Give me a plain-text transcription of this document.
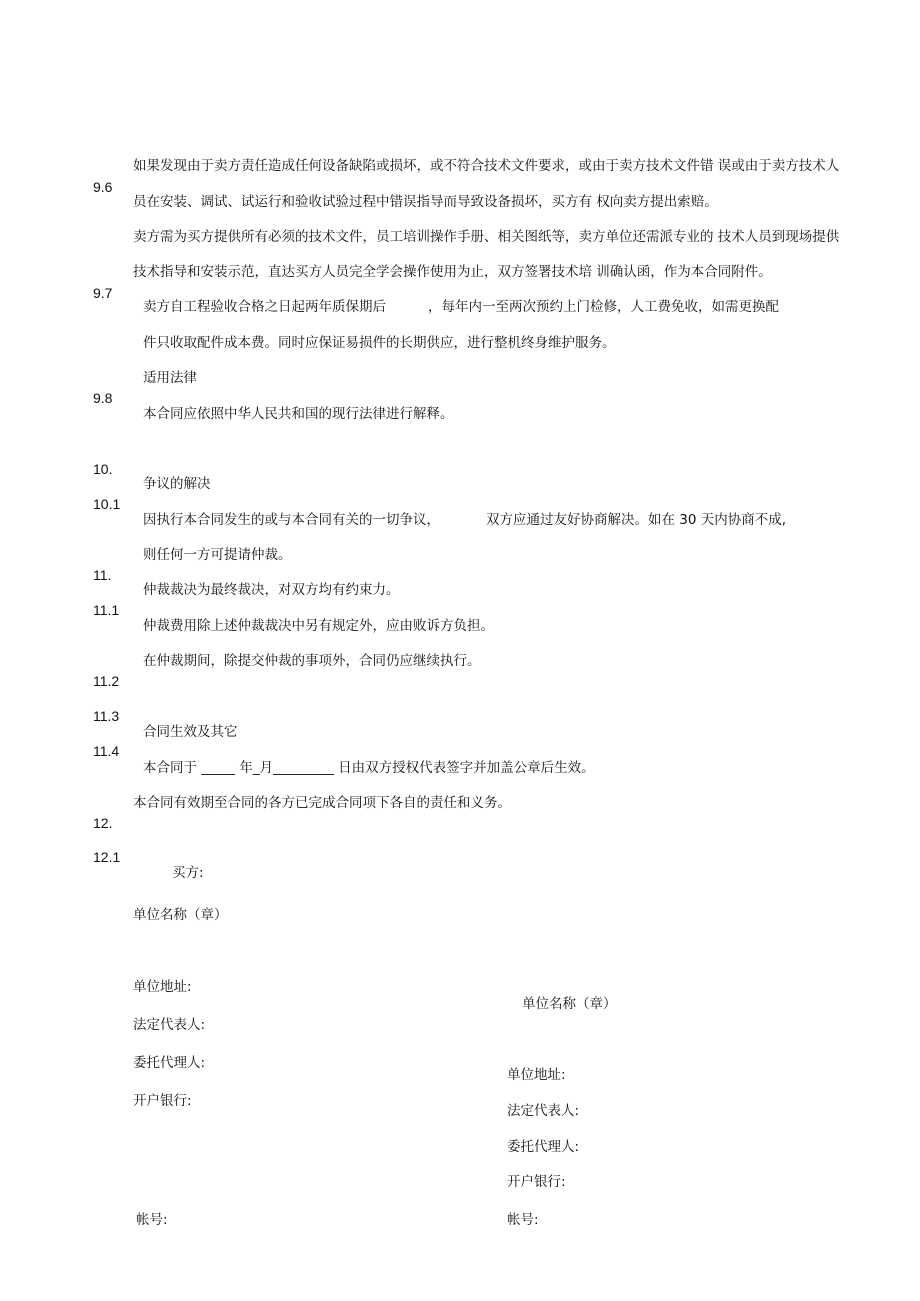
9.6
9.7
9.8
10.
10.1
11.
11.1
11.2
11.3
11.4
12.
12.1
如果发现由于卖方责任造成任何设备缺陷或损坏，或不符合技术文件要求，或由于卖方技术文件错 误或由于卖方技术人
员在安装、调试、试运行和验收试验过程中错误指导而导致设备损坏，买方有 权向卖方提出索赔。
卖方需为买方提供所有必须的技术文件，员工培训操作手册、相关图纸等，卖方单位还需派专业的 技术人员到现场提供
技术指导和安装示范，直达买方人员完全学会操作使用为止，双方签署技术培 训确认函，作为本合同附件。
卖方自工程验收合格之日起两年质保期后	，每年内一至两次预约上门检修，人工费免收，如需更换配
件只收取配件成本费。同时应保证易损件的长期供应，进行整机终身维护服务。
适用法律
本合同应依照中华人民共和国的现行法律进行解释。
争议的解决
因执行本合同发生的或与本合同有关的一切争议，	双方应通过友好协商解决。如在 30 天内协商不成,
则任何一方可提请仲裁。
仲裁裁决为最终裁决，对双方均有约束力。
仲裁费用除上述仲裁裁决中另有规定外，应由败诉方负担。
在仲裁期间，除提交仲裁的事项外，合同仍应继续执行。
合同生效及其它
本合同于 _____ 年_月_________ 日由双方授权代表签字并加盖公章后生效。
本合同有效期至合同的各方已完成合同项下各自的责任和义务。
买方:
单位名称（章）
单位地址:
法定代表人:
委托代理人:
开户银行:
帐号:
单位名称（章）
单位地址:
法定代表人:
委托代理人:
开户银行:
帐号:
